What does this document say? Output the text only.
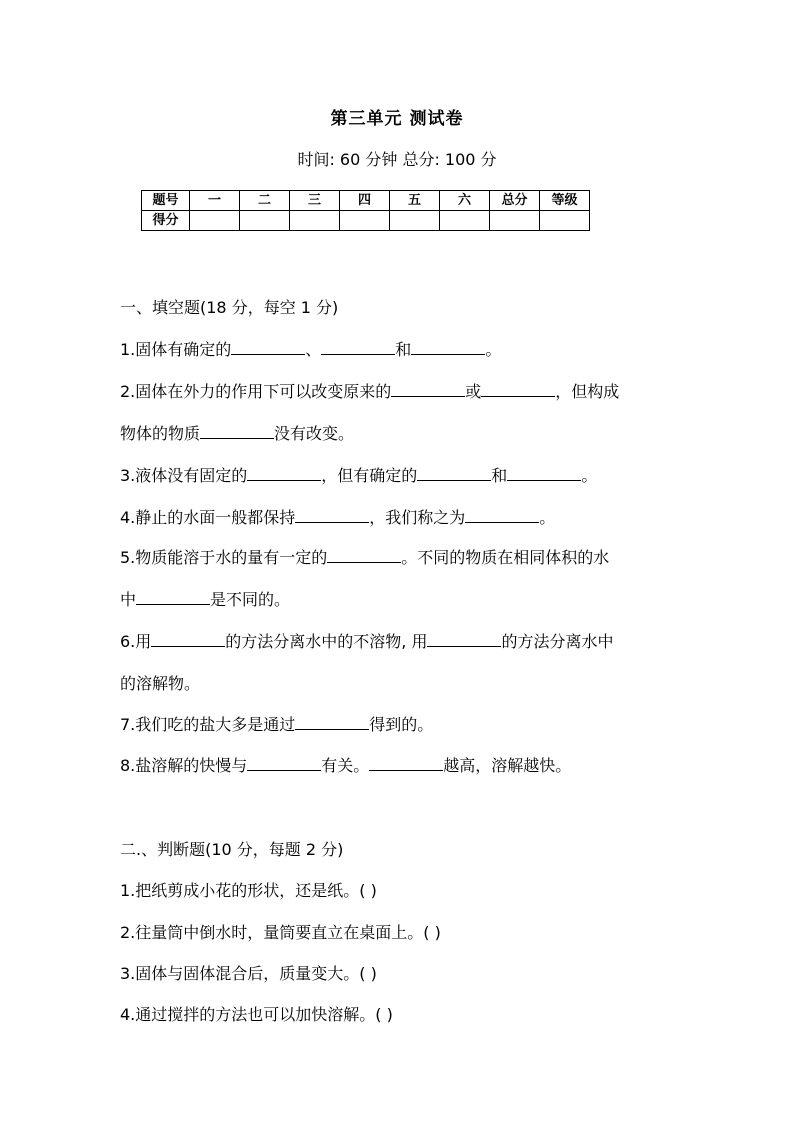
第三单元 测试卷
时间: 60 分钟 总分: 100 分
题号	一	二	三	四	五	六	总分	等级
得分								
一、填空题(18 分，每空 1 分)
1.固体有确定的	、	和	。
2.固体在外力的作用下可以改变原来的	或	，但构成
物体的物质	没有改变。
3.液体没有固定的	，但有确定的	和	。
4.静止的水面一般都保持	，我们称之为	。
5.物质能溶于水的量有一定的	。不同的物质在相同体积的水
中	是不同的。
6.用	的方法分离水中的不溶物, 用	的方法分离水中
的溶解物。
7.我们吃的盐大多是通过	得到的。
8.盐溶解的快慢与	有关。	越高，溶解越快。
二.、判断题(10 分，每题 2 分)
1.把纸剪成小花的形状，还是纸。( )
2.往量筒中倒水时，量筒要直立在桌面上。( )
3.固体与固体混合后，质量变大。( )
4.通过搅拌的方法也可以加快溶解。( )
